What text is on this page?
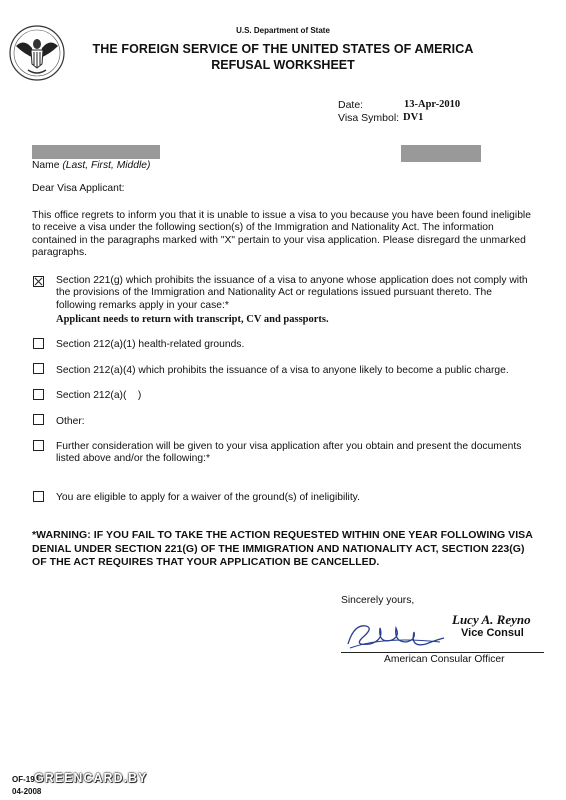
U.S. Department of State
THE FOREIGN SERVICE OF THE UNITED STATES OF AMERICA
REFUSAL WORKSHEET
Date:	13-Apr-2010
Visa Symbol: DV1
Name (Last, First, Middle)
Dear Visa Applicant:
This office regrets to inform you that it is unable to issue a visa to you because you have been found ineligible
to receive a visa under the following section(s) of the Immigration and Nationality Act. The information
contained in the paragraphs marked with "X" pertain to your visa application. Please disregard the unmarked
paragraphs.
Section 221(g) which prohibits the issuance of a visa to anyone whose application does not comply with
the provisions of the Immigration and Nationality Act or regulations issued pursuant thereto. The
following remarks apply in your case:*
Applicant needs to return with transcript, CV and passports.
Section 212(a)(1) health-related grounds.
Section 212(a)(4) which prohibits the issuance of a visa to anyone likely to become a public charge.
Section 212(a)(    )
Other:
Further consideration will be given to your visa application after you obtain and present the documents
listed above and/or the following:*
You are eligible to apply for a waiver of the ground(s) of ineligibility.
*WARNING: IF YOU FAIL TO TAKE THE ACTION REQUESTED WITHIN ONE YEAR FOLLOWING VISA
DENIAL UNDER SECTION 221(G) OF THE IMMIGRATION AND NATIONALITY ACT, SECTION 223(G)
OF THE ACT REQUIRES THAT YOUR APPLICATION BE CANCELLED.
Sincerely yours,
Lucy A. Reyno
Vice Consul
American Consular Officer
OF-194
04-2008
GREENCARD.BY
